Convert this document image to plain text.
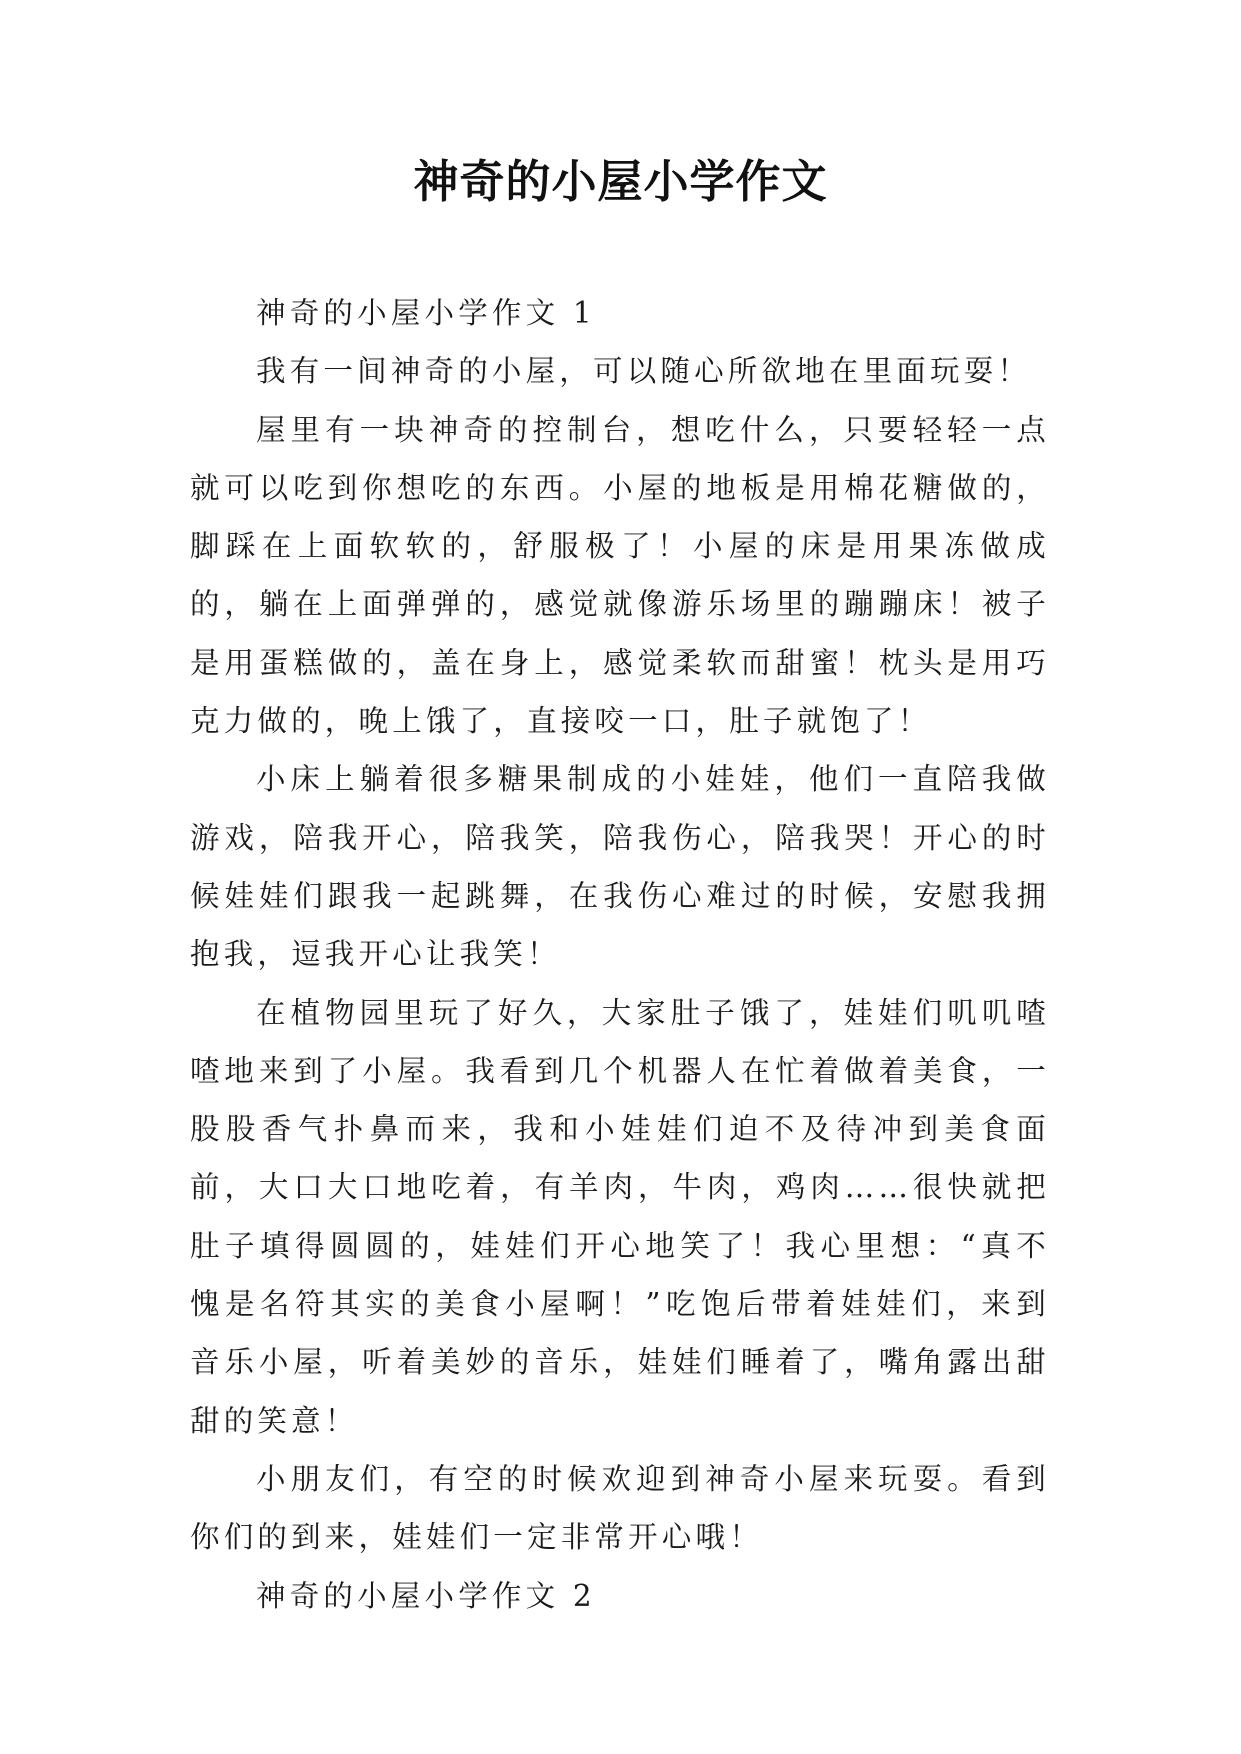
神奇的小屋小学作文

神奇的小屋小学作文 1

我有一间神奇的小屋，可以随心所欲地在里面玩耍！

屋里有一块神奇的控制台，想吃什么，只要轻轻一点就可以吃到你想吃的东西。小屋的地板是用棉花糖做的，脚踩在上面软软的，舒服极了！小屋的床是用果冻做成的，躺在上面弹弹的，感觉就像游乐场里的蹦蹦床！被子是用蛋糕做的，盖在身上，感觉柔软而甜蜜！枕头是用巧克力做的，晚上饿了，直接咬一口，肚子就饱了！

小床上躺着很多糖果制成的小娃娃，他们一直陪我做游戏，陪我开心，陪我笑，陪我伤心，陪我哭！开心的时候娃娃们跟我一起跳舞，在我伤心难过的时候，安慰我拥抱我，逗我开心让我笑！

在植物园里玩了好久，大家肚子饿了，娃娃们叽叽喳喳地来到了小屋。我看到几个机器人在忙着做着美食，一股股香气扑鼻而来，我和小娃娃们迫不及待冲到美食面前，大口大口地吃着，有羊肉，牛肉，鸡肉……很快就把肚子填得圆圆的，娃娃们开心地笑了！我心里想：“真不愧是名符其实的美食小屋啊！”吃饱后带着娃娃们，来到音乐小屋，听着美妙的音乐，娃娃们睡着了，嘴角露出甜甜的笑意！

小朋友们，有空的时候欢迎到神奇小屋来玩耍。看到你们的到来，娃娃们一定非常开心哦！

神奇的小屋小学作文 2
